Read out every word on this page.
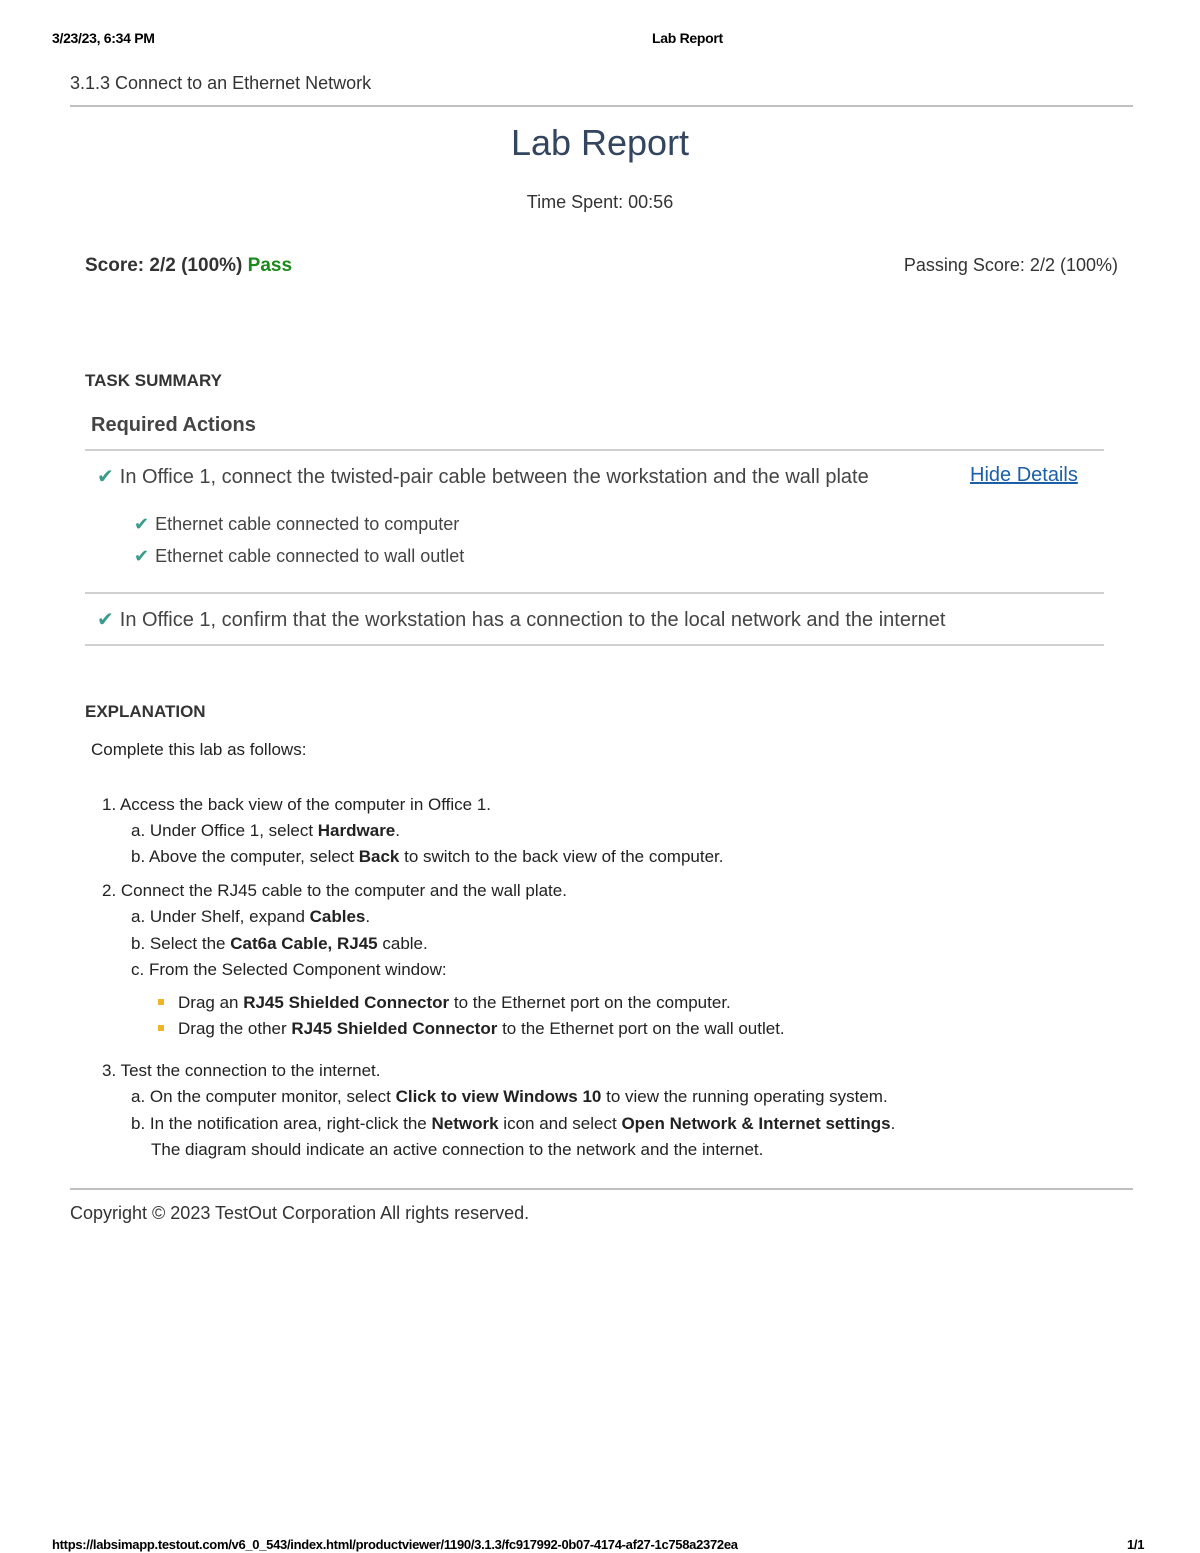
3/23/23, 6:34 PM	Lab Report
3.1.3 Connect to an Ethernet Network
Lab Report
Time Spent: 00:56
Score: 2/2 (100%) Pass	Passing Score: 2/2 (100%)
TASK SUMMARY
Required Actions
✔ In Office 1, connect the twisted-pair cable between the workstation and the wall plate	Hide Details
✔ Ethernet cable connected to computer
✔ Ethernet cable connected to wall outlet
✔ In Office 1, confirm that the workstation has a connection to the local network and the internet
EXPLANATION
Complete this lab as follows:
1. Access the back view of the computer in Office 1.
a. Under Office 1, select Hardware.
b. Above the computer, select Back to switch to the back view of the computer.
2. Connect the RJ45 cable to the computer and the wall plate.
a. Under Shelf, expand Cables.
b. Select the Cat6a Cable, RJ45 cable.
c. From the Selected Component window:
Drag an RJ45 Shielded Connector to the Ethernet port on the computer.
Drag the other RJ45 Shielded Connector to the Ethernet port on the wall outlet.
3. Test the connection to the internet.
a. On the computer monitor, select Click to view Windows 10 to view the running operating system.
b. In the notification area, right-click the Network icon and select Open Network & Internet settings.
The diagram should indicate an active connection to the network and the internet.
Copyright © 2023 TestOut Corporation All rights reserved.
https://labsimapp.testout.com/v6_0_543/index.html/productviewer/1190/3.1.3/fc917992-0b07-4174-af27-1c758a2372ea	1/1
